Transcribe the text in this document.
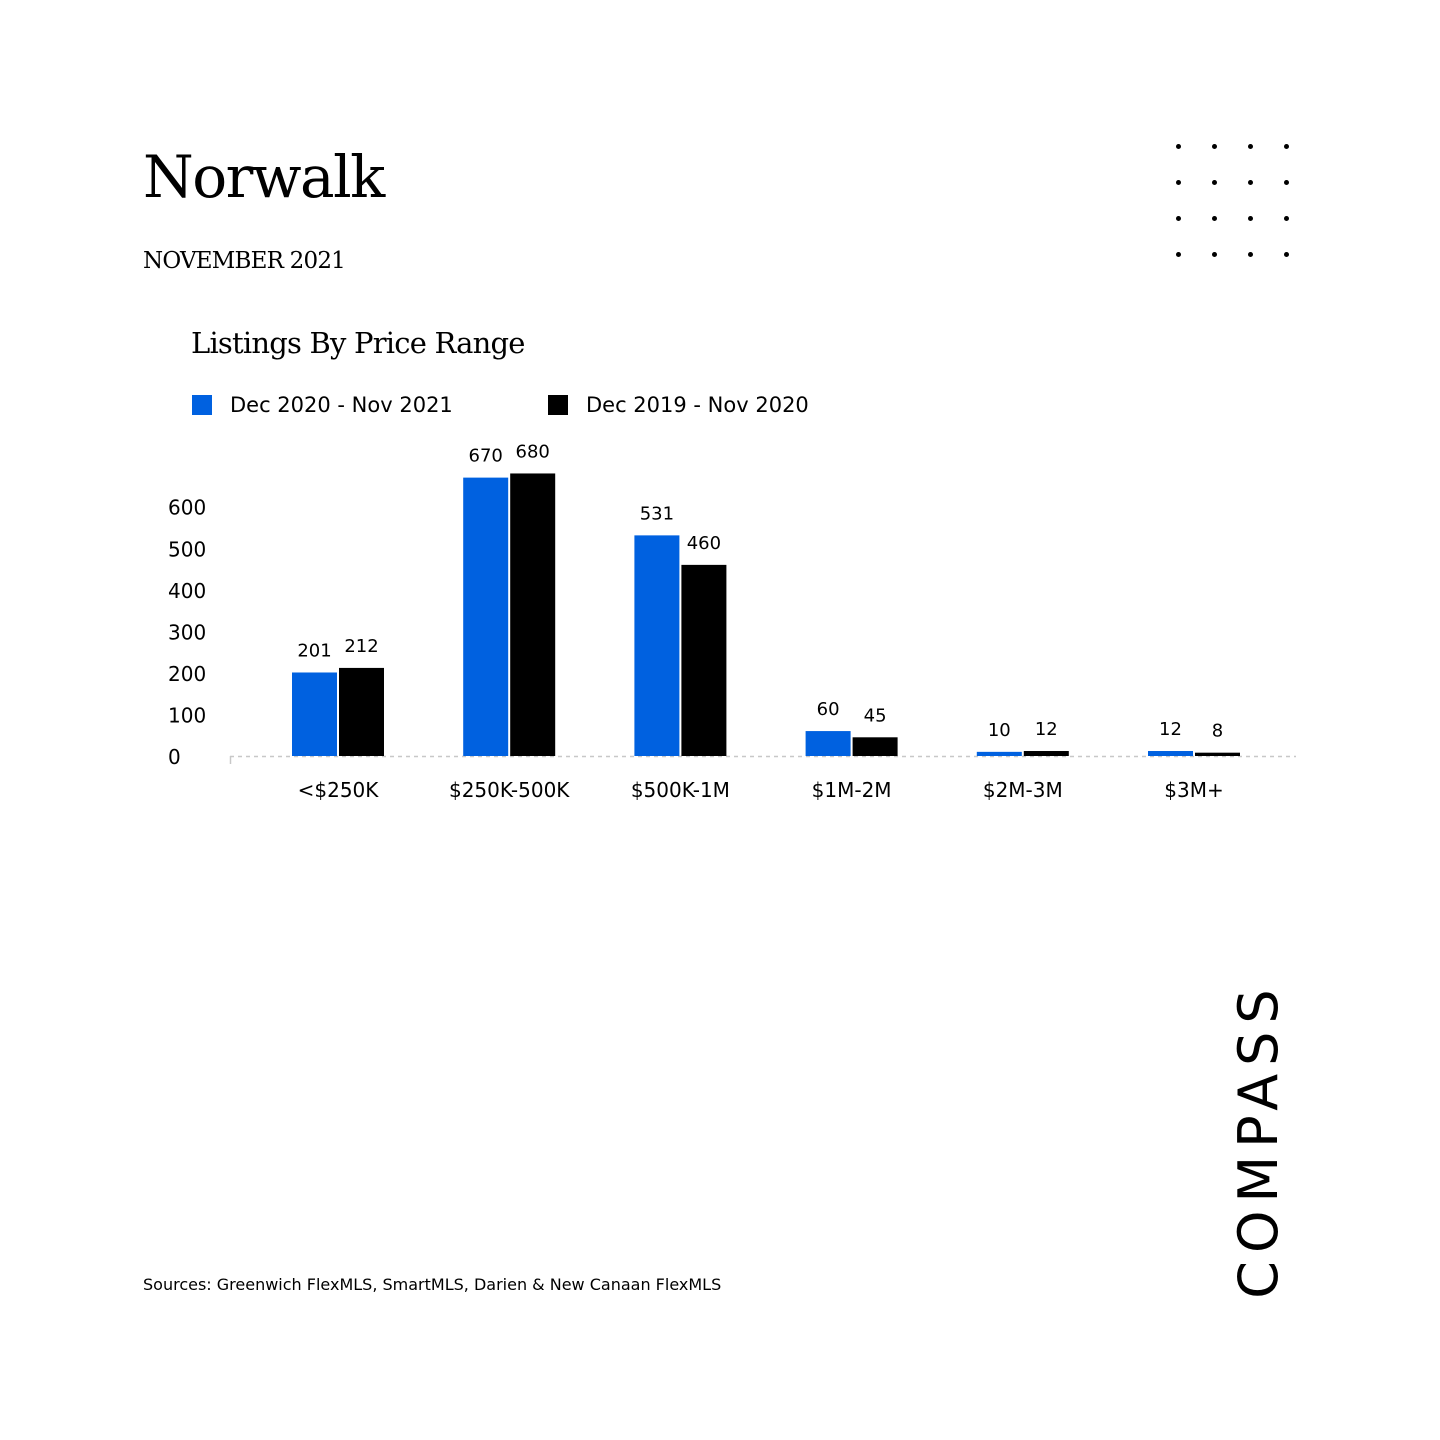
Norwalk
NOVEMBER 2021
Listings By Price Range
Dec 2020 - Nov 2021	Dec 2019 - Nov 2020
0
100
200
300
400
500
600
201 212
<$250K
670 680
$250K-500K
531
460
$500K-1M
60 45
$1M-2M
10 12
$2M-3M
12 8
$3M+
Sources: Greenwich FlexMLS, SmartMLS, Darien & New Canaan FlexMLS	COMPASS
